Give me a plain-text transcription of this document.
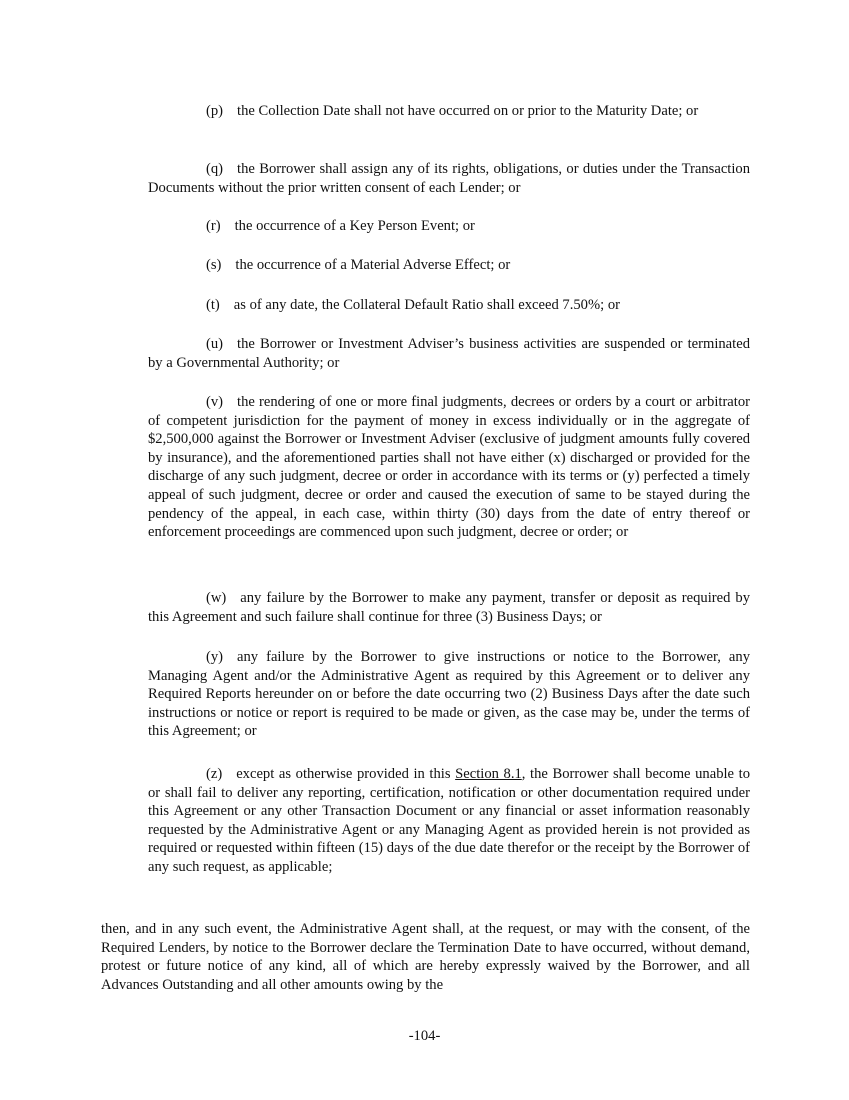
(p) the Collection Date shall not have occurred on or prior to the Maturity Date; or

(q) the Borrower shall assign any of its rights, obligations, or duties under the Transaction Documents without the prior written consent of each Lender; or

(r) the occurrence of a Key Person Event; or

(s) the occurrence of a Material Adverse Effect; or

(t) as of any date, the Collateral Default Ratio shall exceed 7.50%; or

(u) the Borrower or Investment Adviser’s business activities are suspended or terminated by a Governmental Authority; or

(v) the rendering of one or more final judgments, decrees or orders by a court or arbitrator of competent jurisdiction for the payment of money in excess individually or in the aggregate of $2,500,000 against the Borrower or Investment Adviser (exclusive of judgment amounts fully covered by insurance), and the aforementioned parties shall not have either (x) discharged or provided for the discharge of any such judgment, decree or order in accordance with its terms or (y) perfected a timely appeal of such judgment, decree or order and caused the execution of same to be stayed during the pendency of the appeal, in each case, within thirty (30) days from the date of entry thereof or enforcement proceedings are commenced upon such judgment, decree or order; or

(w) any failure by the Borrower to make any payment, transfer or deposit as required by this Agreement and such failure shall continue for three (3) Business Days; or

(y) any failure by the Borrower to give instructions or notice to the Borrower, any Managing Agent and/or the Administrative Agent as required by this Agreement or to deliver any Required Reports hereunder on or before the date occurring two (2) Business Days after the date such instructions or notice or report is required to be made or given, as the case may be, under the terms of this Agreement; or

(z) except as otherwise provided in this Section 8.1, the Borrower shall become unable to or shall fail to deliver any reporting, certification, notification or other documentation required under this Agreement or any other Transaction Document or any financial or asset information reasonably requested by the Administrative Agent or any Managing Agent as provided herein is not provided as required or requested within fifteen (15) days of the due date therefor or the receipt by the Borrower of any such request, as applicable;

then, and in any such event, the Administrative Agent shall, at the request, or may with the consent, of the Required Lenders, by notice to the Borrower declare the Termination Date to have occurred, without demand, protest or future notice of any kind, all of which are hereby expressly waived by the Borrower, and all Advances Outstanding and all other amounts owing by the

-104-
